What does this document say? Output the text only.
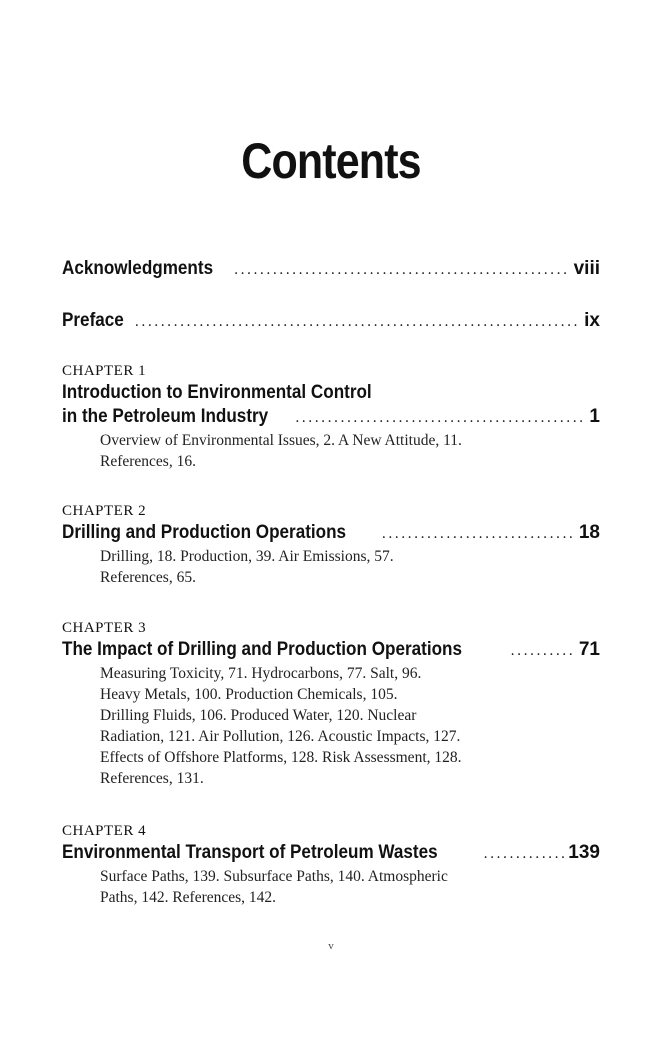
Contents
Acknowledgments .....	viii
Preface .....	ix
CHAPTER 1
Introduction to Environmental Control
in the Petroleum Industry .....	1
Overview of Environmental Issues, 2. A New Attitude, 11.
References, 16.
CHAPTER 2
Drilling and Production Operations .....	18
Drilling, 18. Production, 39. Air Emissions, 57.
References, 65.
CHAPTER 3
The Impact of Drilling and Production Operations .....	71
Measuring Toxicity, 71. Hydrocarbons, 77. Salt, 96.
Heavy Metals, 100. Production Chemicals, 105.
Drilling Fluids, 106. Produced Water, 120. Nuclear
Radiation, 121. Air Pollution, 126. Acoustic Impacts, 127.
Effects of Offshore Platforms, 128. Risk Assessment, 128.
References, 131.
CHAPTER 4
Environmental Transport of Petroleum Wastes .....	139
Surface Paths, 139. Subsurface Paths, 140. Atmospheric
Paths, 142. References, 142.
v
